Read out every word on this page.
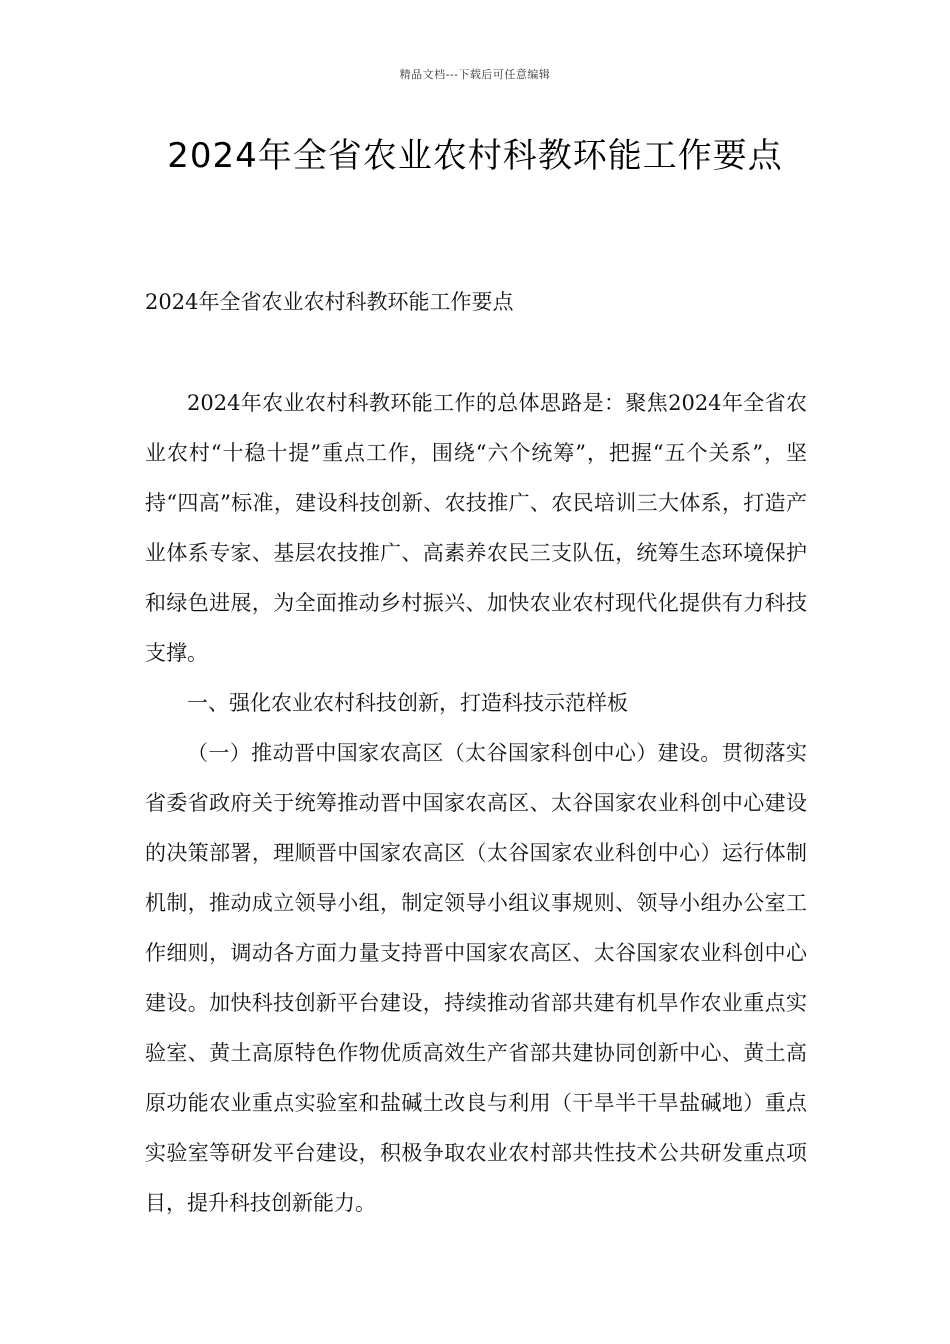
精品文档---下载后可任意编辑
2024年全省农业农村科教环能工作要点

2024年全省农业农村科教环能工作要点

2024年农业农村科教环能工作的总体思路是：聚焦2024年全省农业农村“十稳十提”重点工作，围绕“六个统筹”，把握“五个关系”，坚持“四高”标准，建设科技创新、农技推广、农民培训三大体系，打造产业体系专家、基层农技推广、高素养农民三支队伍，统筹生态环境保护和绿色进展，为全面推动乡村振兴、加快农业农村现代化提供有力科技支撑。

一、强化农业农村科技创新，打造科技示范样板

（一）推动晋中国家农高区（太谷国家科创中心）建设。贯彻落实省委省政府关于统筹推动晋中国家农高区、太谷国家农业科创中心建设的决策部署，理顺晋中国家农高区（太谷国家农业科创中心）运行体制机制，推动成立领导小组，制定领导小组议事规则、领导小组办公室工作细则，调动各方面力量支持晋中国家农高区、太谷国家农业科创中心建设。加快科技创新平台建设，持续推动省部共建有机旱作农业重点实验室、黄土高原特色作物优质高效生产省部共建协同创新中心、黄土高原功能农业重点实验室和盐碱土改良与利用（干旱半干旱盐碱地）重点实验室等研发平台建设，积极争取农业农村部共性技术公共研发重点项目，提升科技创新能力。
